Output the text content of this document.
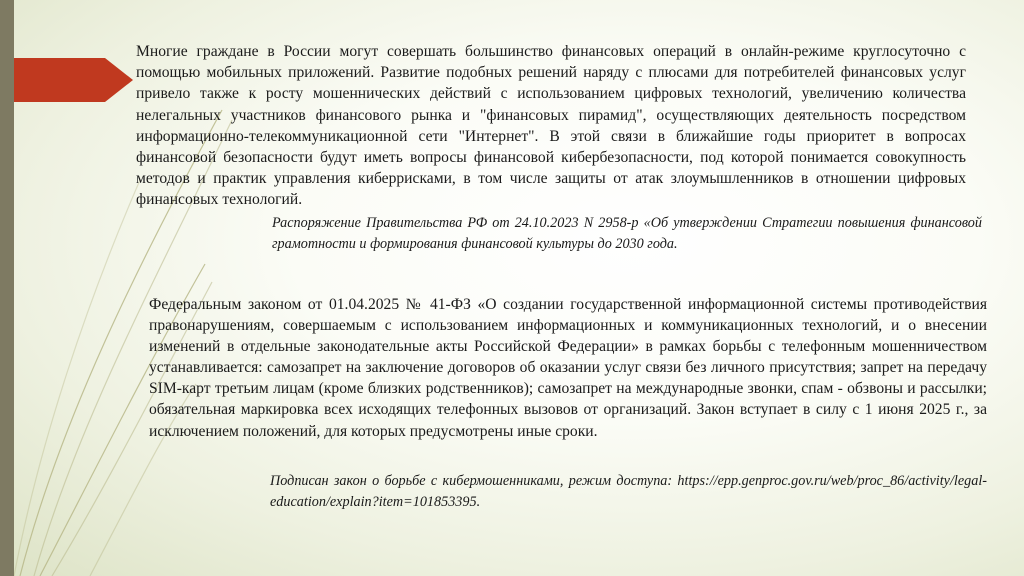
Многие граждане в России могут совершать большинство финансовых операций в онлайн-режиме круглосуточно с помощью мобильных приложений. Развитие подобных решений наряду с плюсами для потребителей финансовых услуг привело также к росту мошеннических действий с использованием цифровых технологий, увеличению количества нелегальных участников финансового рынка и "финансовых пирамид", осуществляющих деятельность посредством информационно-телекоммуникационной сети "Интернет". В этой связи в ближайшие годы приоритет в вопросах финансовой безопасности будут иметь вопросы финансовой кибербезопасности, под которой понимается совокупность методов и практик управления киберрисками, в том числе защиты от атак злоумышленников в отношении цифровых финансовых технологий.
Распоряжение Правительства РФ от 24.10.2023 N 2958-р «Об утверждении Стратегии повышения финансовой грамотности и формирования финансовой культуры до 2030 года.
Федеральным законом от 01.04.2025 № 41-ФЗ «О создании государственной информационной системы противодействия правонарушениям, совершаемым с использованием информационных и коммуникационных технологий, и о внесении изменений в отдельные законодательные акты Российской Федерации» в рамках борьбы с телефонным мошенничеством устанавливается: самозапрет на заключение договоров об оказании услуг связи без личного присутствия; запрет на передачу SIM-карт третьим лицам (кроме близких родственников); самозапрет на международные звонки, спам - обзвоны и рассылки; обязательная маркировка всех исходящих телефонных вызовов от организаций. Закон вступает в силу с 1 июня 2025 г., за исключением положений, для которых предусмотрены иные сроки.
Подписан закон о борьбе с кибермошенниками, режим доступа: https://epp.genproc.gov.ru/web/proc_86/activity/legal-education/explain?item=101853395.
